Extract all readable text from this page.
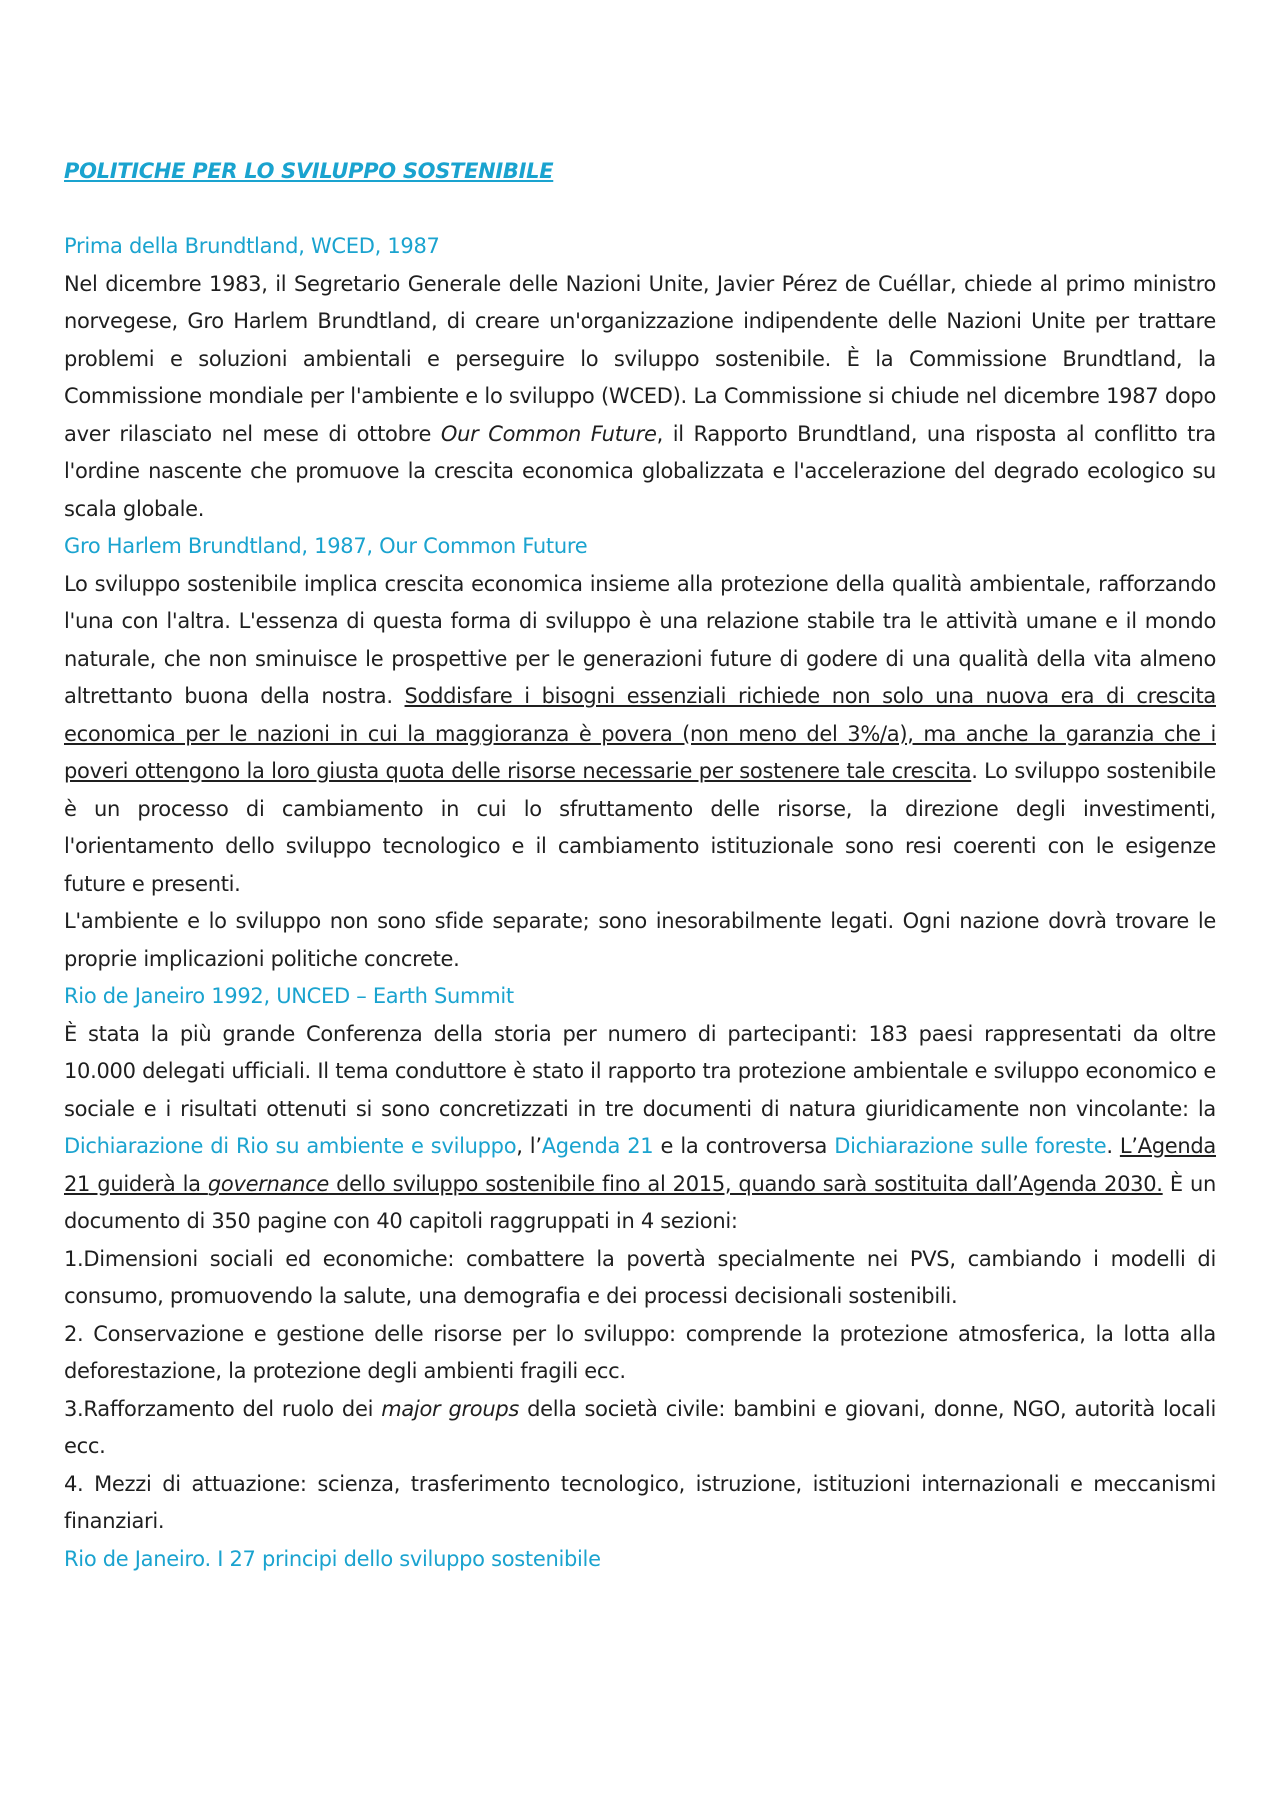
POLITICHE PER LO SVILUPPO SOSTENIBILE

Prima della Brundtland, WCED, 1987

Nel dicembre 1983, il Segretario Generale delle Nazioni Unite, Javier Pérez de Cuéllar, chiede al primo ministro norvegese, Gro Harlem Brundtland, di creare un'organizzazione indipendente delle Nazioni Unite per trattare problemi e soluzioni ambientali e perseguire lo sviluppo sostenibile. È la Commissione Brundtland, la Commissione mondiale per l'ambiente e lo sviluppo (WCED). La Commissione si chiude nel dicembre 1987 dopo aver rilasciato nel mese di ottobre Our Common Future, il Rapporto Brundtland, una risposta al conflitto tra l'ordine nascente che promuove la crescita economica globalizzata e l'accelerazione del degrado ecologico su scala globale.

Gro Harlem Brundtland, 1987, Our Common Future

Lo sviluppo sostenibile implica crescita economica insieme alla protezione della qualità ambientale, rafforzando l'una con l'altra. L'essenza di questa forma di sviluppo è una relazione stabile tra le attività umane e il mondo naturale, che non sminuisce le prospettive per le generazioni future di godere di una qualità della vita almeno altrettanto buona della nostra. Soddisfare i bisogni essenziali richiede non solo una nuova era di crescita economica per le nazioni in cui la maggioranza è povera (non meno del 3%/a), ma anche la garanzia che i poveri ottengono la loro giusta quota delle risorse necessarie per sostenere tale crescita. Lo sviluppo sostenibile è un processo di cambiamento in cui lo sfruttamento delle risorse, la direzione degli investimenti, l'orientamento dello sviluppo tecnologico e il cambiamento istituzionale sono resi coerenti con le esigenze future e presenti.

L'ambiente e lo sviluppo non sono sfide separate; sono inesorabilmente legati. Ogni nazione dovrà trovare le proprie implicazioni politiche concrete.

Rio de Janeiro 1992, UNCED – Earth Summit

È stata la più grande Conferenza della storia per numero di partecipanti: 183 paesi rappresentati da oltre 10.000 delegati ufficiali. Il tema conduttore è stato il rapporto tra protezione ambientale e sviluppo economico e sociale e i risultati ottenuti si sono concretizzati in tre documenti di natura giuridicamente non vincolante: la Dichiarazione di Rio su ambiente e sviluppo, l’Agenda 21 e la controversa Dichiarazione sulle foreste. L’Agenda 21 guiderà la governance dello sviluppo sostenibile fino al 2015, quando sarà sostituita dall’Agenda 2030. È un documento di 350 pagine con 40 capitoli raggruppati in 4 sezioni:

1.Dimensioni sociali ed economiche: combattere la povertà specialmente nei PVS, cambiando i modelli di consumo, promuovendo la salute, una demografia e dei processi decisionali sostenibili.

2. Conservazione e gestione delle risorse per lo sviluppo: comprende la protezione atmosferica, la lotta alla deforestazione, la protezione degli ambienti fragili ecc.

3.Rafforzamento del ruolo dei major groups della società civile: bambini e giovani, donne, NGO, autorità locali ecc.

4. Mezzi di attuazione: scienza, trasferimento tecnologico, istruzione, istituzioni internazionali e meccanismi finanziari.

Rio de Janeiro. I 27 principi dello sviluppo sostenibile
